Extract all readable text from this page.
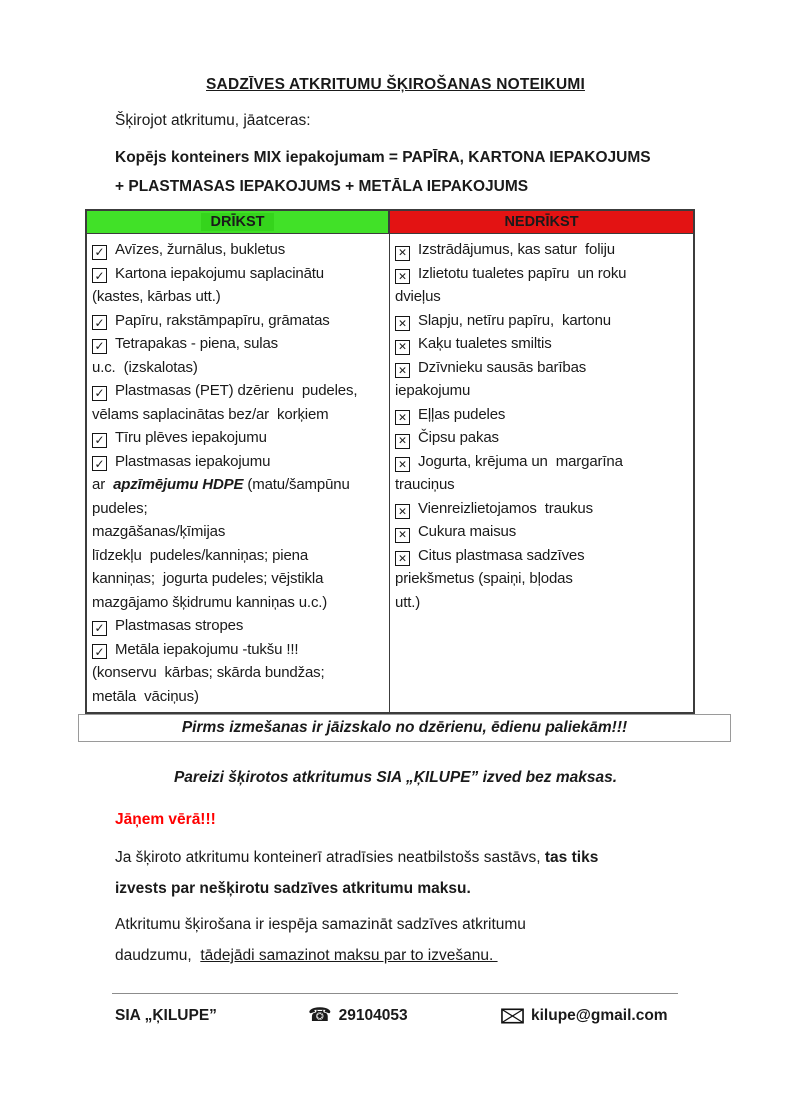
SADZĪVES ATKRITUMU ŠĶIROŠANAS NOTEIKUMI
Šķirojot atkritumu, jāatceras:
Kopējs konteiners MIX iepakojumam = PAPĪRA, KARTONA IEPAKOJUMS
+ PLASTMASAS IEPAKOJUMS + METĀLA IEPAKOJUMS
DRĪKST	NEDRĪKST
✓ Avīzes, žurnālus, bukletus
✓ Kartona iepakojumu saplacinātu
(kastes, kārbas utt.)
✓ Papīru, rakstāmpapīru, grāmatas
✓ Tetrapakas - piena, sulas
u.c.  (izskalotas)
✓ Plastmasas (PET) dzērienu  pudeles,
vēlams saplacinātas bez/ar  korķiem
✓ Tīru plēves iepakojumu
✓ Plastmasas iepakojumu
ar  apzīmējumu HDPE (matu/šampūnu
pudeles;
mazgāšanas/ķīmijas
līdzekļu  pudeles/kanniņas; piena
kanniņas;  jogurta pudeles; vējstikla
mazgājamo šķidrumu kanniņas u.c.)
✓ Plastmasas stropes
✓ Metāla iepakojumu -tukšu !!!
(konservu  kārbas; skārda bundžas;
metāla  vāciņus)
✕ Izstrādājumus, kas satur  foliju
✕ Izlietotu tualetes papīru  un roku
dvieļus
✕ Slapju, netīru papīru,  kartonu
✕ Kaķu tualetes smiltis
✕ Dzīvnieku sausās barības
iepakojumu
✕ Eļļas pudeles
✕ Čipsu pakas
✕ Jogurta, krējuma un  margarīna
trauciņus
✕ Vienreizlietojamos  traukus
✕ Cukura maisus
✕ Citus plastmasa sadzīves
priekšmetus (spaiņi, bļodas
utt.)
Pirms izmešanas ir jāizskalo no dzērienu, ēdienu paliekām!!!
Pareizi šķirotos atkritumus SIA „ĶILUPE” izved bez maksas.
Jāņem vērā!!!
Ja šķiroto atkritumu konteinerī atradīsies neatbilstošs sastāvs, tas tiks
izvests par nešķirotu sadzīves atkritumu maksu.
Atkritumu šķirošana ir iespēja samazināt sadzīves atkritumu
daudzumu,  tādejādi samazinot maksu par to izvešanu.
SIA „ĶILUPE”	☎ 29104053	kilupe@gmail.com
